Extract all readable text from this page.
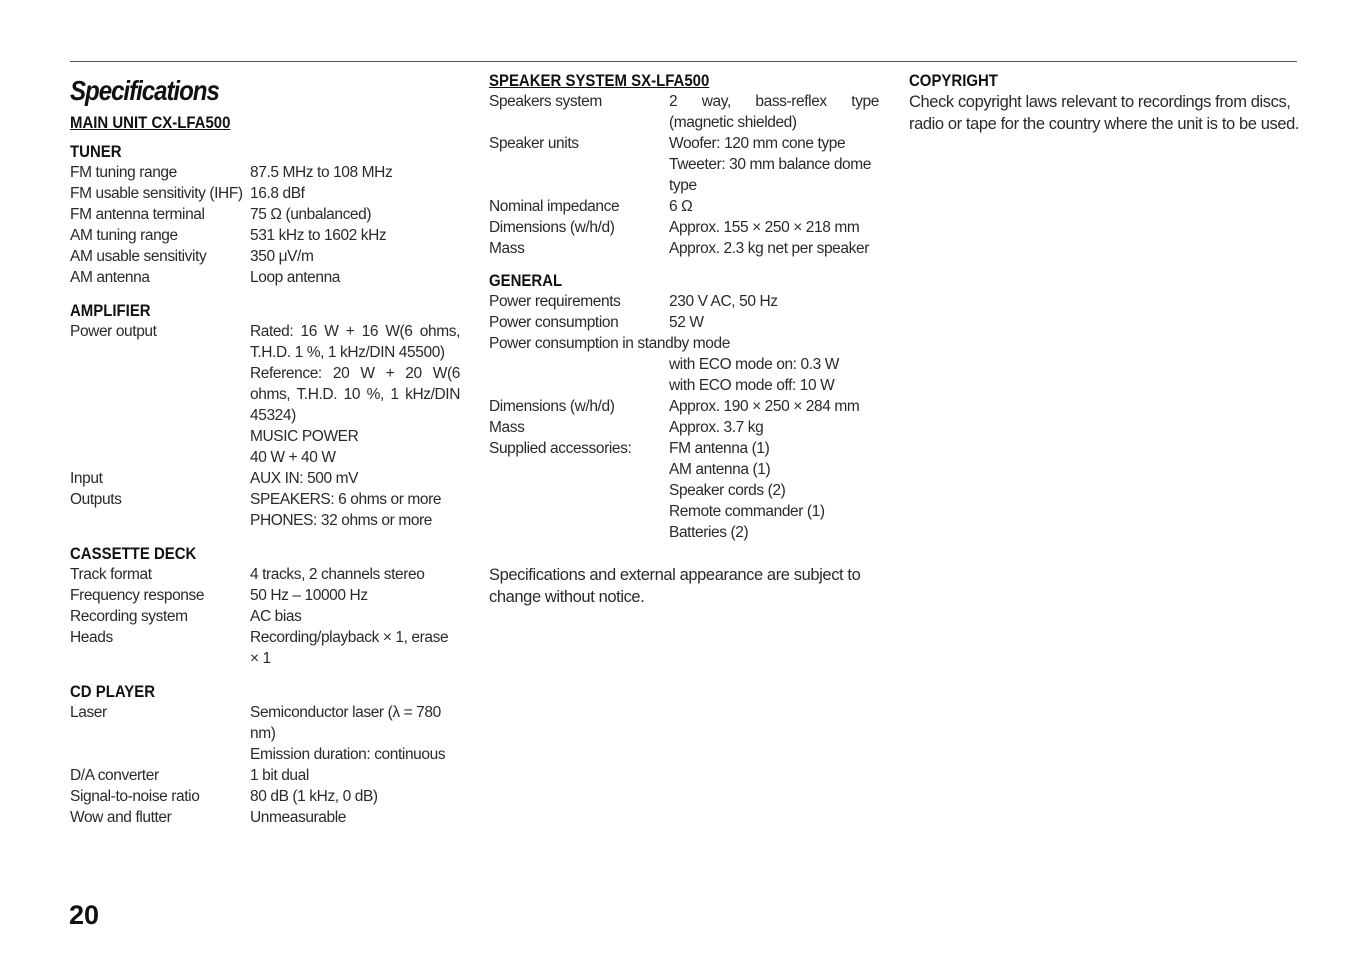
Specifications
MAIN UNIT CX-LFA500
TUNER
FM tuning range	87.5 MHz to 108 MHz
FM usable sensitivity (IHF) 16.8 dBf
FM antenna terminal	75 Ω (unbalanced)
AM tuning range	531 kHz to 1602 kHz
AM usable sensitivity	350 μV/m
AM antenna	Loop antenna
AMPLIFIER
Power output	Rated: 16 W + 16 W(6 ohms, T.H.D. 1 %, 1 kHz/DIN 45500)
Reference: 20 W + 20 W(6 ohms, T.H.D. 10 %, 1 kHz/DIN 45324)
MUSIC POWER
40 W + 40 W
Input	AUX IN: 500 mV
Outputs	SPEAKERS: 6 ohms or more
PHONES: 32 ohms or more
CASSETTE DECK
Track format	4 tracks, 2 channels stereo
Frequency response	50 Hz – 10000 Hz
Recording system	AC bias
Heads	Recording/playback × 1, erase × 1
CD PLAYER
Laser	Semiconductor laser (λ = 780 nm)
Emission duration: continuous
D/A converter	1 bit dual
Signal-to-noise ratio	80 dB (1 kHz, 0 dB)
Wow and flutter	Unmeasurable
SPEAKER SYSTEM SX-LFA500
Speakers system	2 way, bass-reflex type (magnetic shielded)
Speaker units	Woofer: 120 mm cone type
Tweeter: 30 mm balance dome type
Nominal impedance	6 Ω
Dimensions (w/h/d)	Approx. 155 × 250 × 218 mm
Mass	Approx. 2.3 kg net per speaker
GENERAL
Power requirements	230 V AC, 50 Hz
Power consumption	52 W
Power consumption in standby mode
with ECO mode on: 0.3 W
with ECO mode off: 10 W
Dimensions (w/h/d)	Approx. 190 × 250 × 284 mm
Mass	Approx. 3.7 kg
Supplied accessories:	FM antenna (1)
AM antenna (1)
Speaker cords (2)
Remote commander (1)
Batteries (2)
Specifications and external appearance are subject to change without notice.
COPYRIGHT
Check copyright laws relevant to recordings from discs, radio or tape for the country where the unit is to be used.
20
